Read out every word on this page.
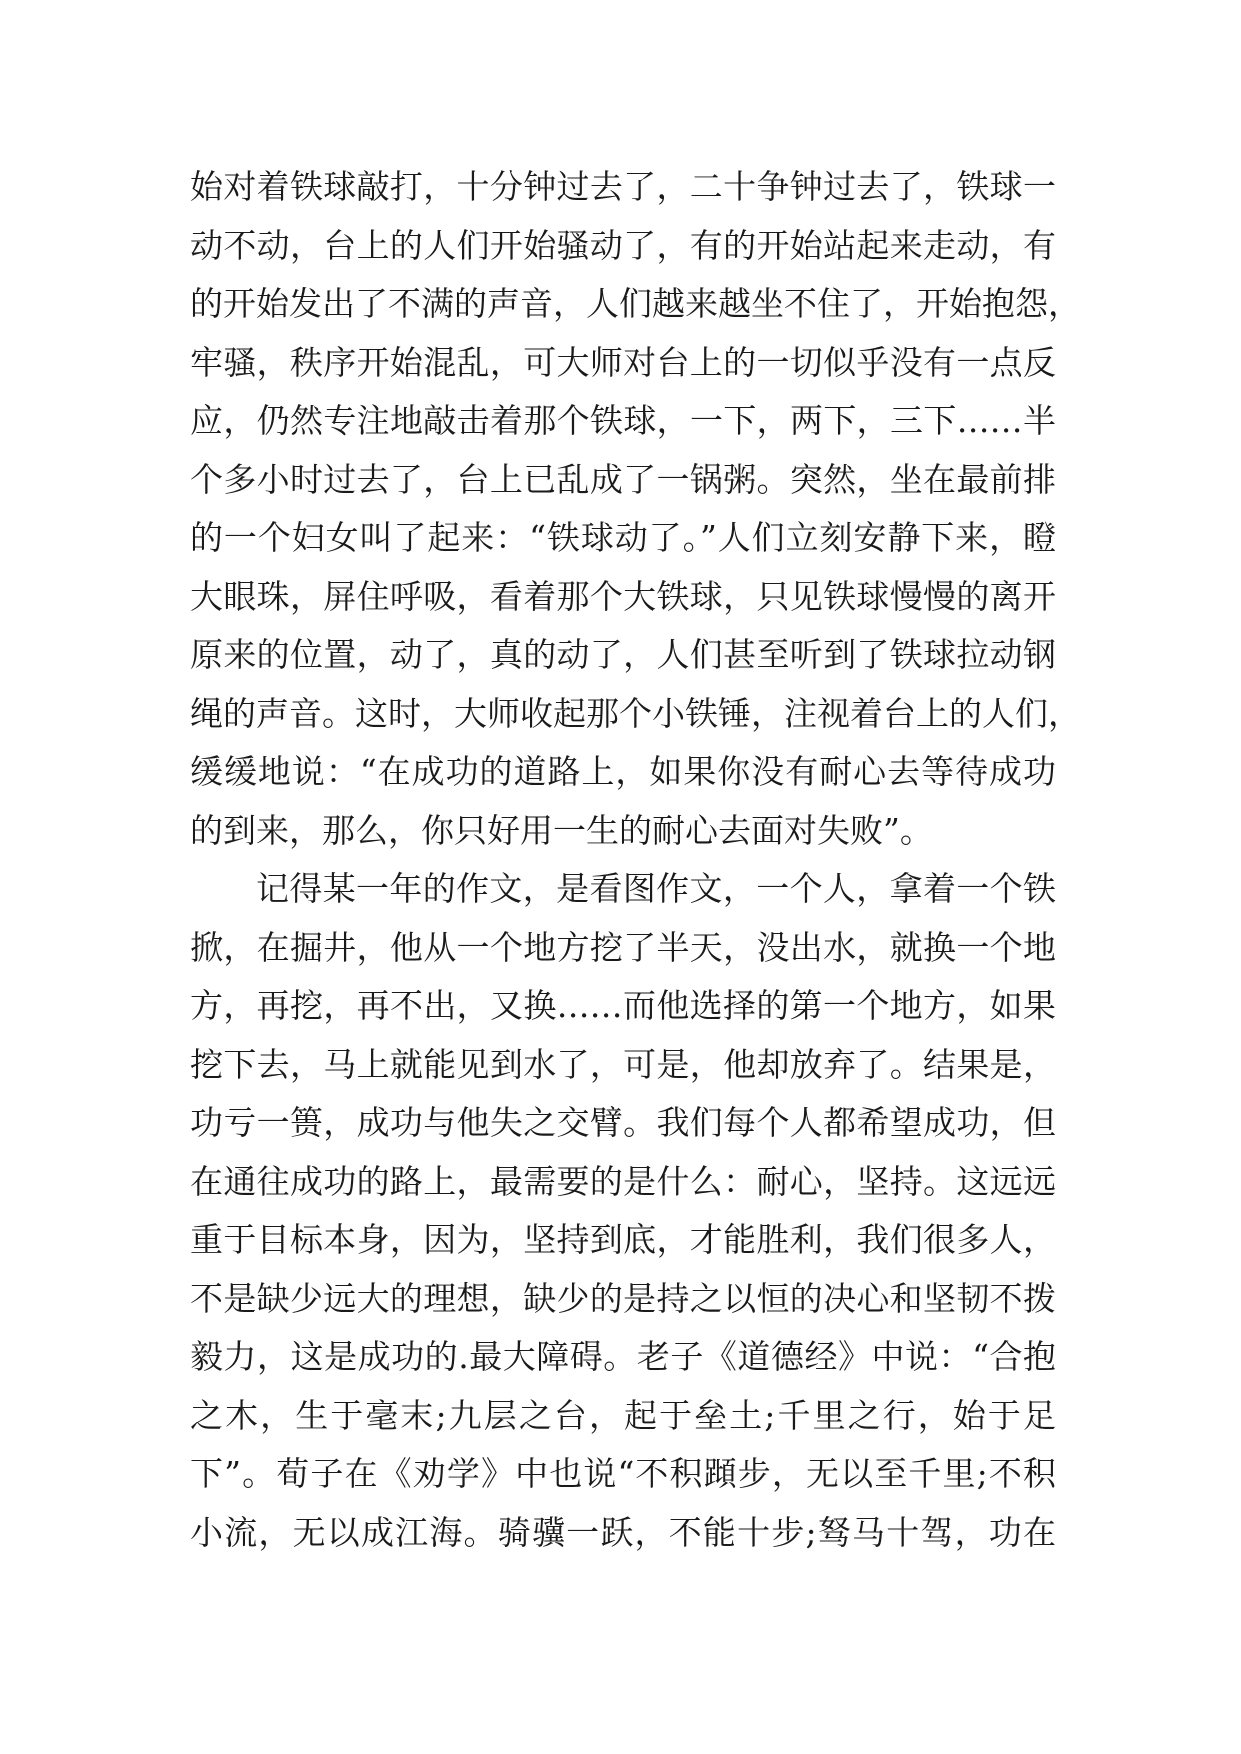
始对着铁球敲打，十分钟过去了，二十争钟过去了，铁球一
动不动，台上的人们开始骚动了，有的开始站起来走动，有
的开始发出了不满的声音，人们越来越坐不住了，开始抱怨，
牢骚，秩序开始混乱，可大师对台上的一切似乎没有一点反
应，仍然专注地敲击着那个铁球，一下，两下，三下……半
个多小时过去了，台上已乱成了一锅粥。突然，坐在最前排
的一个妇女叫了起来：“铁球动了。”人们立刻安静下来，瞪
大眼珠，屏住呼吸，看着那个大铁球，只见铁球慢慢的离开
原来的位置，动了，真的动了，人们甚至听到了铁球拉动钢
绳的声音。这时，大师收起那个小铁锤，注视着台上的人们，
缓缓地说：“在成功的道路上，如果你没有耐心去等待成功
的到来，那么，你只好用一生的耐心去面对失败”。
记得某一年的作文，是看图作文，一个人，拿着一个铁
掀，在掘井，他从一个地方挖了半天，没出水，就换一个地
方，再挖，再不出，又换……而他选择的第一个地方，如果
挖下去，马上就能见到水了，可是，他却放弃了。结果是，
功亏一篑，成功与他失之交臂。我们每个人都希望成功，但
在通往成功的路上，最需要的是什么：耐心，坚持。这远远
重于目标本身，因为，坚持到底，才能胜利，我们很多人，
不是缺少远大的理想，缺少的是持之以恒的决心和坚韧不拨
毅力，这是成功的.最大障碍。老子《道德经》中说：“合抱
之木，生于毫末;九层之台，起于垒土;千里之行，始于足
下”。荀子在《劝学》中也说“不积蹞步，无以至千里;不积
小流，无以成江海。骑骥一跃，不能十步;驽马十驾，功在
